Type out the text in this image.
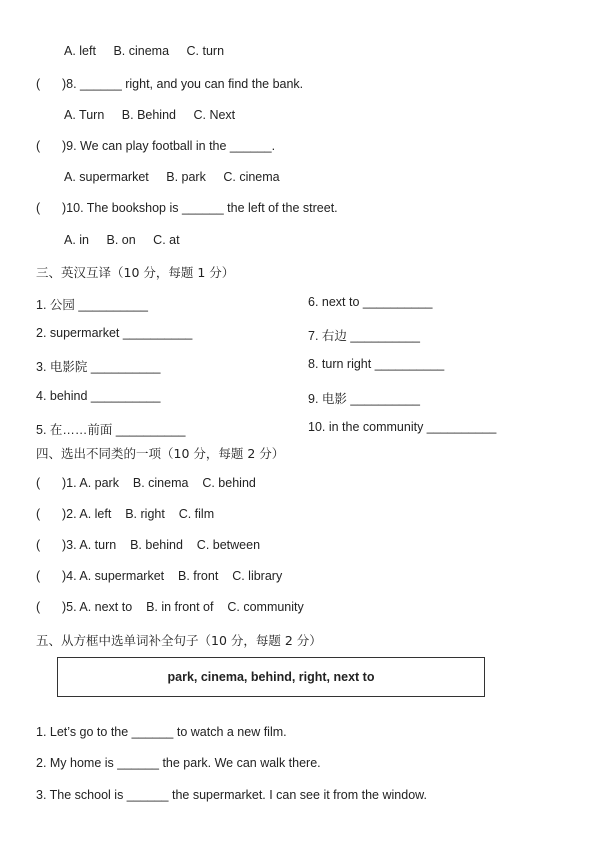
A. left B. cinema C. turn
( )8. ______ right, and you can find the bank.
A. Turn B. Behind C. Next
( )9. We can play football in the ______.
A. supermarket B. park C. cinema
( )10. The bookshop is ______ the left of the street.
A. in B. on C. at
三、英汉互译（10 分，每题 1 分）
1. 公园 __________
2. supermarket __________
3. 电影院 __________
4. behind __________
5. 在……前面 __________
6. next to __________
7. 右边 __________
8. turn right __________
9. 电影 __________
10. in the community __________
四、选出不同类的一项（10 分，每题 2 分）
( )1. A. park    B. cinema    C. behind
( )2. A. left    B. right    C. film
( )3. A. turn    B. behind    C. between
( )4. A. supermarket    B. front    C. library
( )5. A. next to    B. in front of    C. community
五、从方框中选单词补全句子（10 分，每题 2 分）
park, cinema, behind, right, next to
1. Let’s go to the ______ to watch a new film.
2. My home is ______ the park. We can walk there.
3. The school is ______ the supermarket. I can see it from the window.
